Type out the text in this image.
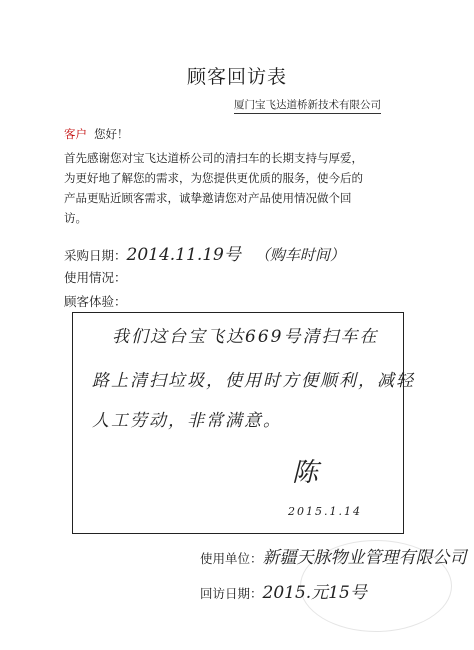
顾客回访表
厦门宝飞达道桥新技术有限公司
客户 您好！
首先感谢您对宝飞达道桥公司的清扫车的长期支持与厚爱，
为更好地了解您的需求，为您提供更优质的服务，使今后的
产品更贴近顾客需求，诚挚邀请您对产品使用情况做个回
访。
采购日期：2014.11.19号 （购车时间）
使用情况：
顾客体验：
我们这台宝飞达669号清扫车在
路上清扫垃圾，使用时方便顺利，减轻
人工劳动，非常满意。
陈
2015.1.14
使用单位：新疆天脉物业管理有限公司
回访日期：2015.元15号
